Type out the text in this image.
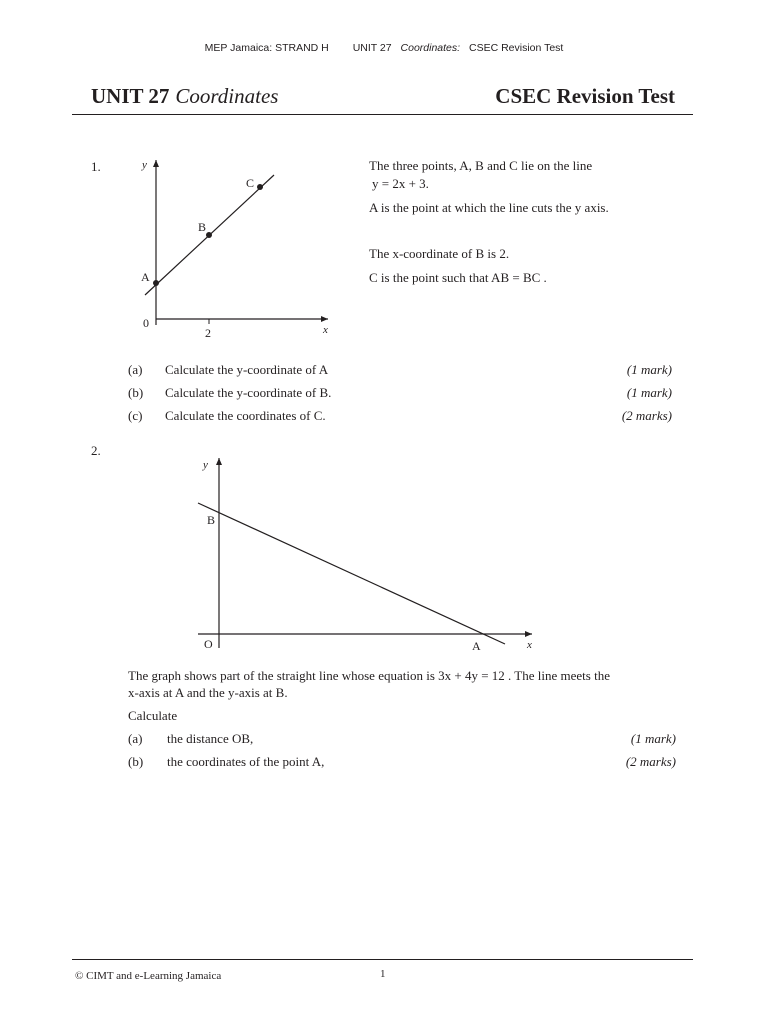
MEP Jamaica: STRAND H UNIT 27 Coordinates: CSEC Revision Test
UNIT 27 Coordinates	CSEC Revision Test
1.	y
x
0
2
A
B
C
The three points, A, B and C lie on the line
y = 2x + 3.
A is the point at which the line cuts the y axis.
The x-coordinate of B is 2.
C is the point such that AB = BC .
(a) Calculate the y-coordinate of A	(1 mark)
(b) Calculate the y-coordinate of B.	(1 mark)
(c) Calculate the coordinates of C.	(2 marks)
2.
y
x
O
B
A
The graph shows part of the straight line whose equation is 3x + 4y = 12 . The line meets the
x-axis at A and the y-axis at B.
Calculate
(a) the distance OB,	(1 mark)
(b) the coordinates of the point A,	(2 marks)
© CIMT and e-Learning Jamaica	1
